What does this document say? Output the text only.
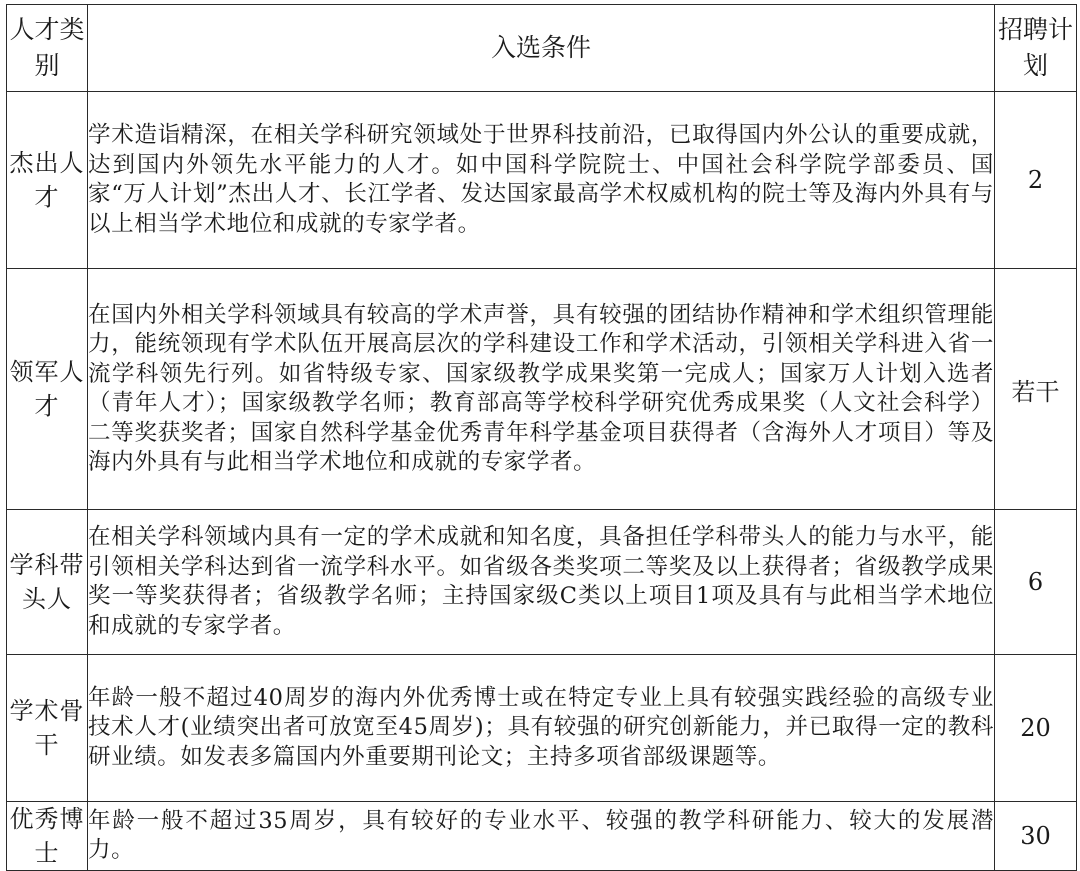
人才类别	入选条件	招聘计划
杰出人才	学术造诣精深，在相关学科研究领域处于世界科技前沿，已取得国内外公认的重要成就，达到国内外领先水平能力的人才。如中国科学院院士、中国社会科学院学部委员、国家“万人计划”杰出人才、长江学者、发达国家最高学术权威机构的院士等及海内外具有与以上相当学术地位和成就的专家学者。	2
领军人才	在国内外相关学科领域具有较高的学术声誉，具有较强的团结协作精神和学术组织管理能力，能统领现有学术队伍开展高层次的学科建设工作和学术活动，引领相关学科进入省一流学科领先行列。如省特级专家、国家级教学成果奖第一完成人；国家万人计划入选者（青年人才）；国家级教学名师；教育部高等学校科学研究优秀成果奖（人文社会科学）二等奖获奖者；国家自然科学基金优秀青年科学基金项目获得者（含海外人才项目）等及海内外具有与此相当学术地位和成就的专家学者。	若干
学科带头人	在相关学科领域内具有一定的学术成就和知名度，具备担任学科带头人的能力与水平，能引领相关学科达到省一流学科水平。如省级各类奖项二等奖及以上获得者；省级教学成果奖一等奖获得者；省级教学名师；主持国家级C类以上项目1项及具有与此相当学术地位和成就的专家学者。	6
学术骨干	年龄一般不超过40周岁的海内外优秀博士或在特定专业上具有较强实践经验的高级专业技术人才(业绩突出者可放宽至45周岁)；具有较强的研究创新能力，并已取得一定的教科研业绩。如发表多篇国内外重要期刊论文；主持多项省部级课题等。	20
优秀博士	年龄一般不超过35周岁，具有较好的专业水平、较强的教学科研能力、较大的发展潜力。	30
